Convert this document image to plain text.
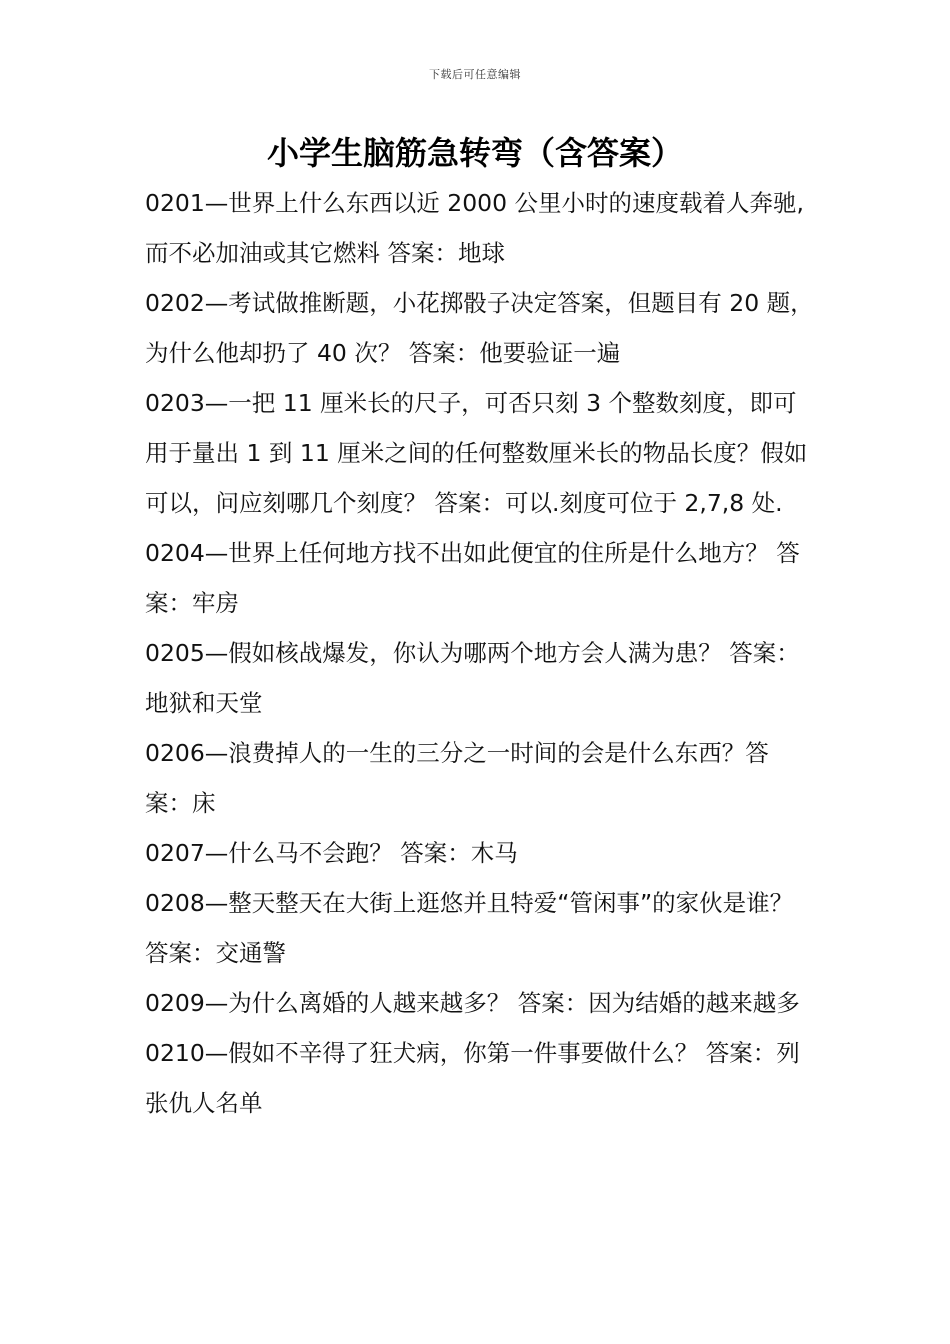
下载后可任意编辑
小学生脑筋急转弯（含答案）

0201—世界上什么东西以近 2000 公里小时的速度载着人奔驰,而不必加油或其它燃料 答案：地球

0202—考试做推断题，小花掷骰子决定答案，但题目有 20 题，为什么他却扔了 40 次？ 答案：他要验证一遍

0203—一把 11 厘米长的尺子，可否只刻 3 个整数刻度，即可用于量出 1 到 11 厘米之间的任何整数厘米长的物品长度？假如可以，问应刻哪几个刻度？ 答案：可以.刻度可位于 2,7,8 处.

0204—世界上任何地方找不出如此便宜的住所是什么地方？ 答案：牢房

0205—假如核战爆发，你认为哪两个地方会人满为患？ 答案：地狱和天堂

0206—浪费掉人的一生的三分之一时间的会是什么东西？答案：床

0207—什么马不会跑？ 答案：木马

0208—整天整天在大街上逛悠并且特爱“管闲事”的家伙是谁？ 答案：交通警

0209—为什么离婚的人越来越多？ 答案：因为结婚的越来越多

0210—假如不辛得了狂犬病，你第一件事要做什么？ 答案：列张仇人名单
